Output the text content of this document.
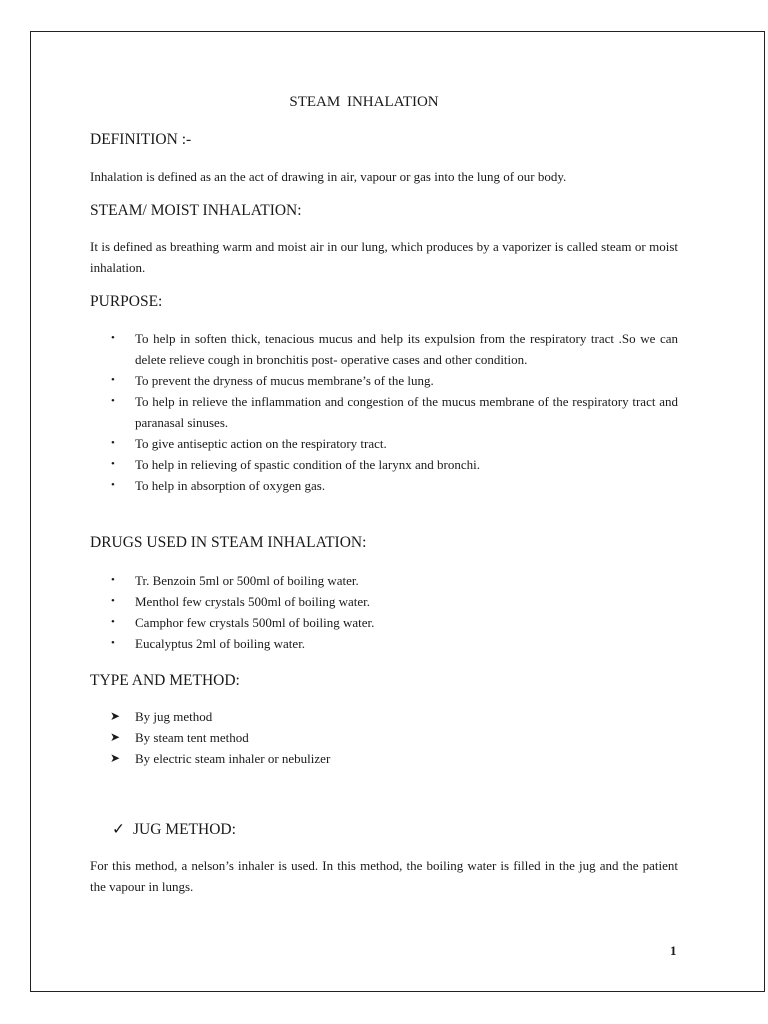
STEAM INHALATION
DEFINITION :-
Inhalation is defined as an the act of drawing in air, vapour or gas into the lung of our body.
STEAM/ MOIST INHALATION:
It is defined as breathing warm and moist air in our lung, which produces by a vaporizer is called steam or moist inhalation.
PURPOSE:
• To help in soften thick, tenacious mucus and help its expulsion from the respiratory tract .So we can delete relieve cough in bronchitis post- operative cases and other condition.
• To prevent the dryness of mucus membrane’s of the lung.
• To help in relieve the inflammation and congestion of the mucus membrane of the respiratory tract and paranasal sinuses.
• To give antiseptic action on the respiratory tract.
• To help in relieving of spastic condition of the larynx and bronchi.
• To help in absorption of oxygen gas.
DRUGS USED IN STEAM INHALATION:
• Tr. Benzoin 5ml or 500ml of boiling water.
• Menthol few crystals 500ml of boiling water.
• Camphor few crystals 500ml of boiling water.
• Eucalyptus 2ml of boiling water.
TYPE AND METHOD:
➤ By jug method
➤ By steam tent method
➤ By electric steam inhaler or nebulizer
✓ JUG METHOD:
For this method, a nelson’s inhaler is used. In this method, the boiling water is filled in the jug and the patient the vapour in lungs.
1
